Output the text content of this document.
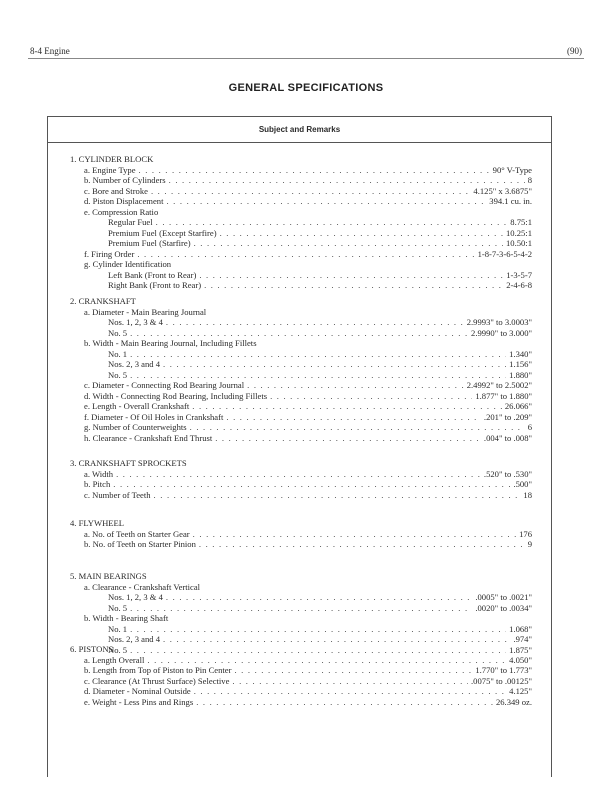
8-4 Engine	(90)
GENERAL SPECIFICATIONS
Subject and Remarks
1. CYLINDER BLOCK
a. Engine Type . . .	90° V-Type
b. Number of Cylinders . . .	8
c. Bore and Stroke . . .	4.125" x 3.6875"
d. Piston Displacement . . .	394.1 cu. in.
e. Compression Ratio
Regular Fuel . . .	8.75:1
Premium Fuel (Except Starfire) . . .	10.25:1
Premium Fuel (Starfire) . . .	10.50:1
f. Firing Order . . .	1-8-7-3-6-5-4-2
g. Cylinder Identification
Left Bank (Front to Rear) . . .	1-3-5-7
Right Bank (Front to Rear) . . .	2-4-6-8
2. CRANKSHAFT
a. Diameter - Main Bearing Journal
Nos. 1, 2, 3 & 4 . . .	2.9993" to 3.0003"
No. 5 . . .	2.9990" to 3.000"
b. Width - Main Bearing Journal, Including Fillets
No. 1 . . .	1.340"
Nos. 2, 3 and 4 . . .	1.156"
No. 5 . . .	1.880"
c. Diameter - Connecting Rod Bearing Journal . . .	2.4992" to 2.5002"
d. Width - Connecting Rod Bearing, Including Fillets . . .	1.877" to 1.880"
e. Length - Overall Crankshaft . . .	26.066"
f. Diameter - Of Oil Holes in Crankshaft . . .	.201" to .209"
g. Number of Counterweights . . .	6
h. Clearance - Crankshaft End Thrust . . .	.004" to .008"
3. CRANKSHAFT SPROCKETS
a. Width . . .	.520" to .530"
b. Pitch . . .	.500"
c. Number of Teeth . . .	18
4. FLYWHEEL
a. No. of Teeth on Starter Gear . . .	176
b. No. of Teeth on Starter Pinion . . .	9
5. MAIN BEARINGS
a. Clearance - Crankshaft Vertical
Nos. 1, 2, 3 & 4 . . .	.0005" to .0021"
No. 5 . . .	.0020" to .0034"
b. Width - Bearing Shaft
No. 1 . . .	1.068"
Nos. 2, 3 and 4 . . .	.974"
No. 5 . . .	1.875"
6. PISTONS
a. Length Overall . . .	4.050"
b. Length from Top of Piston to Pin Center . . .	1.770" to 1.773"
c. Clearance (At Thrust Surface) Selective . . .	.0075" to .00125"
d. Diameter - Nominal Outside . . .	4.125"
e. Weight - Less Pins and Rings . . .	26.349 oz.
